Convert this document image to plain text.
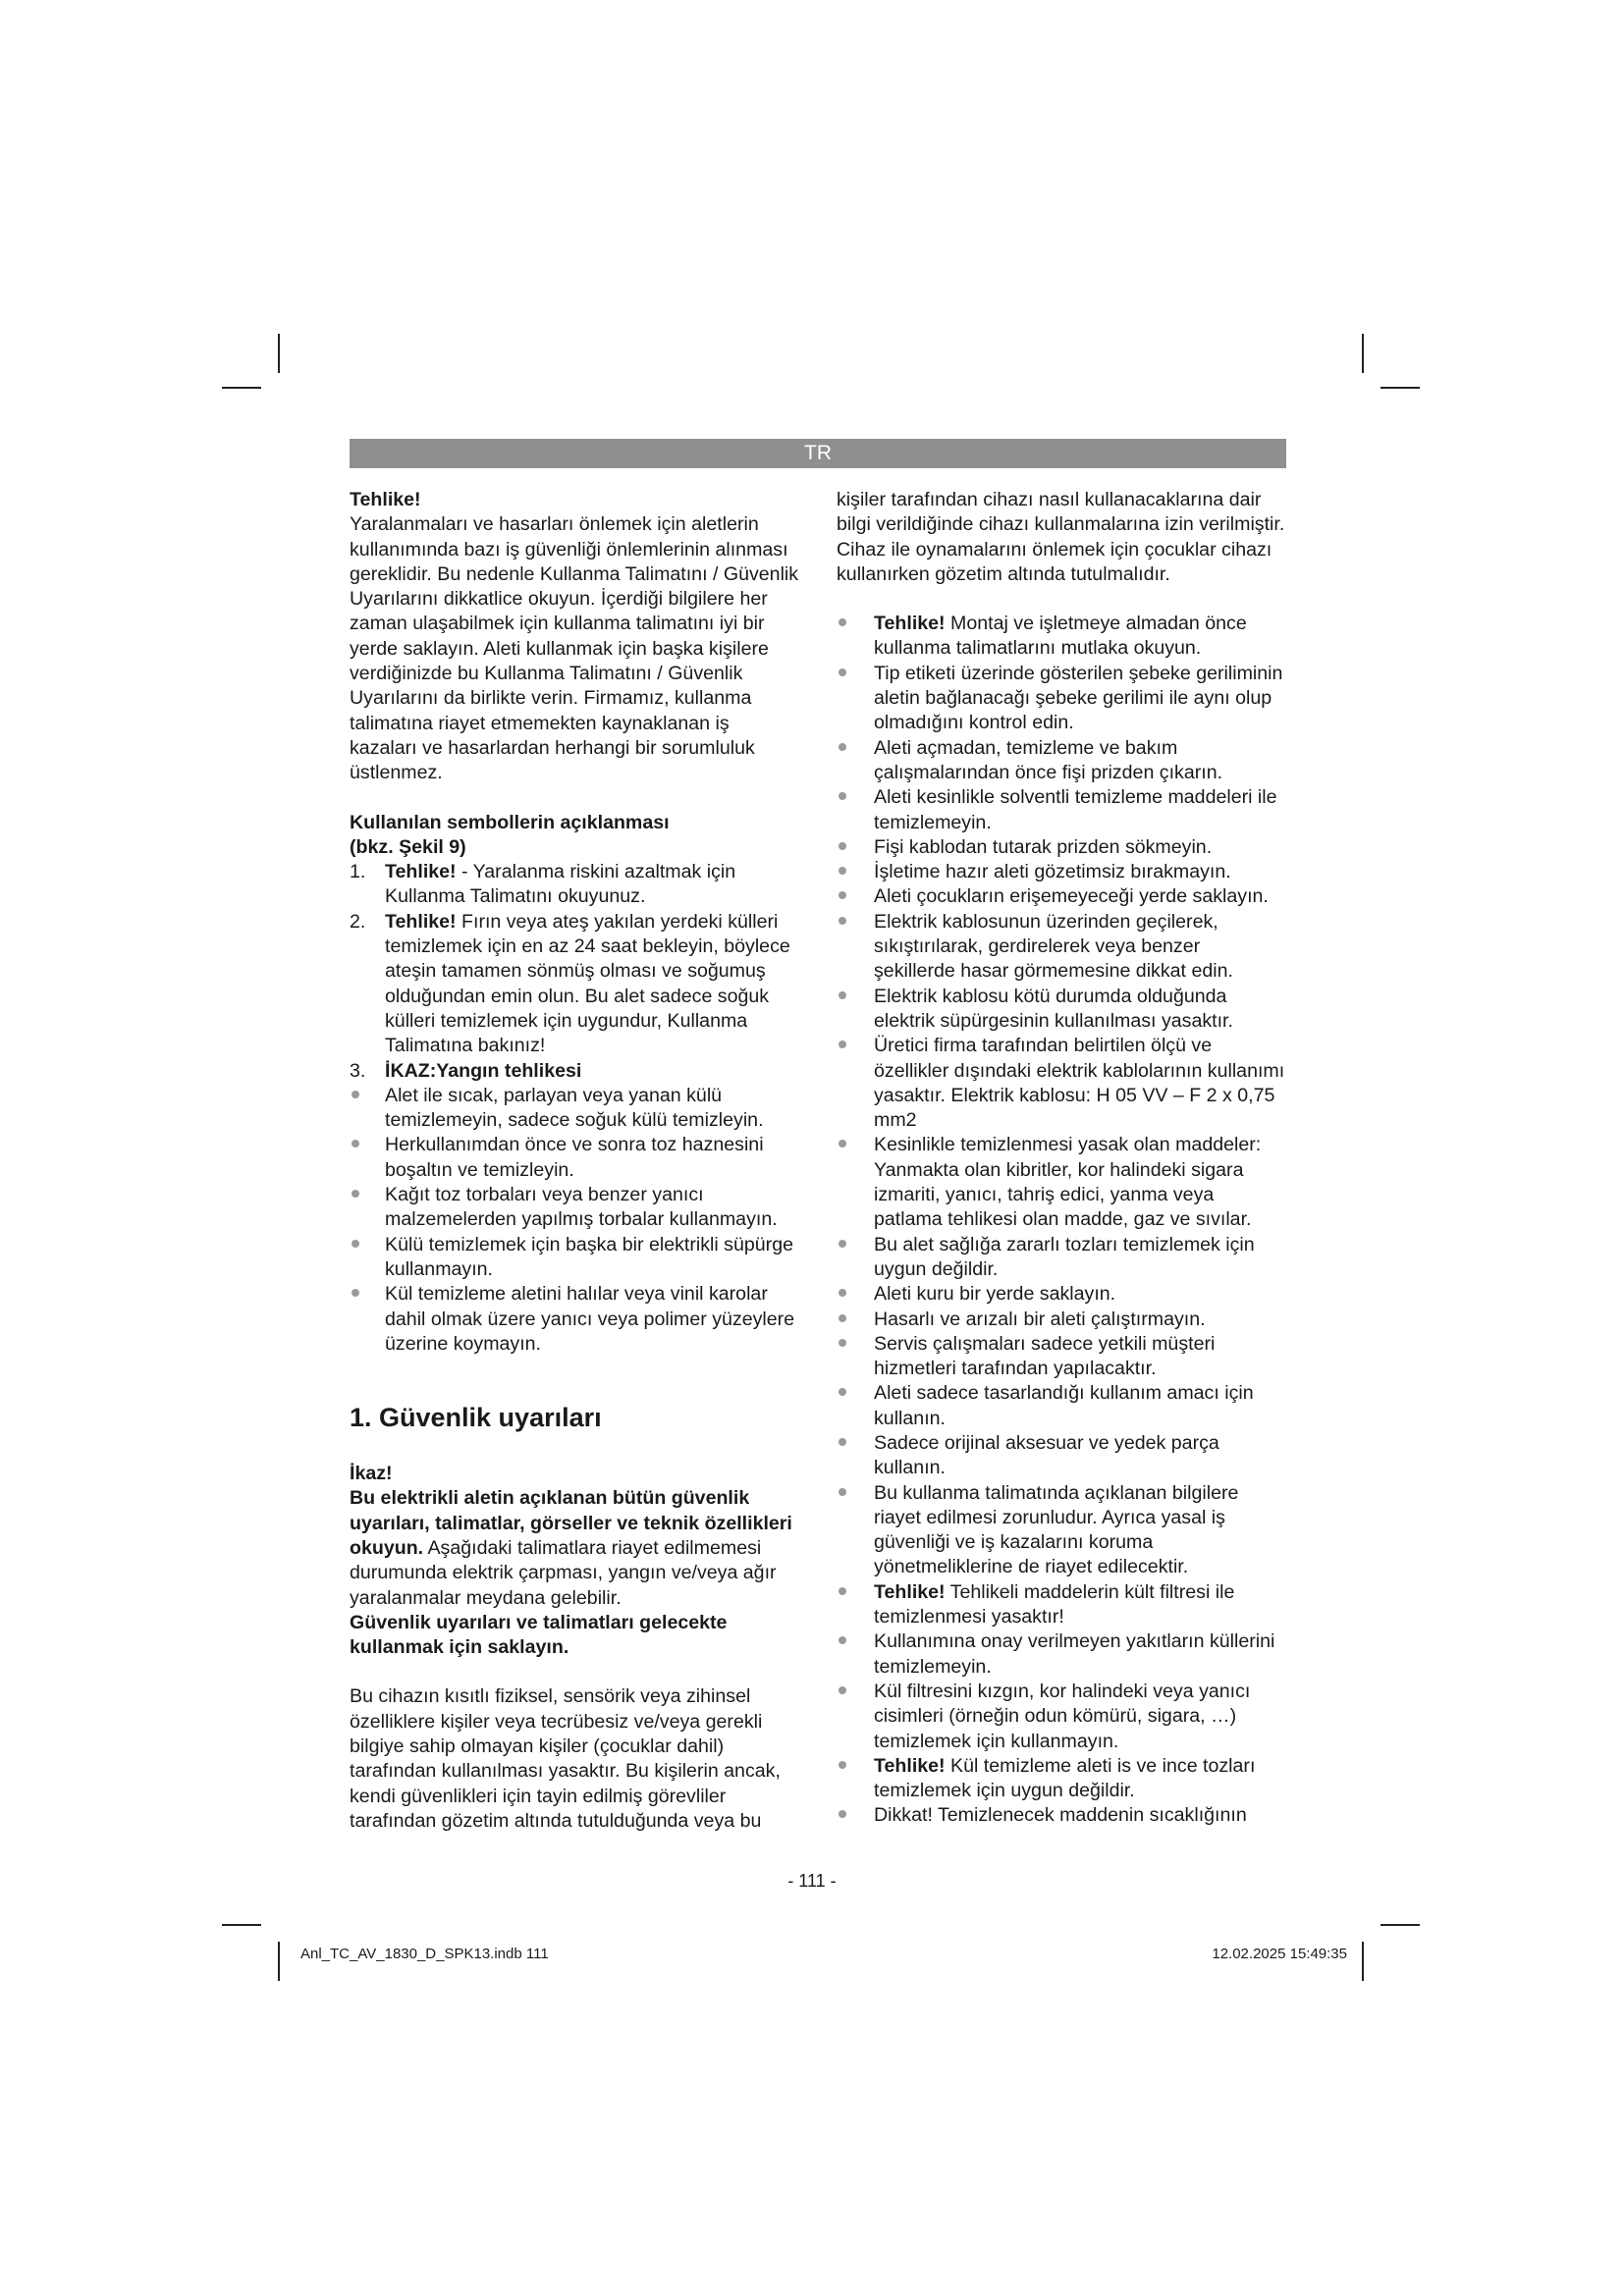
TR

Tehlike!

Yaralanmaları ve hasarları önlemek için aletlerin kullanımında bazı iş güvenliği önlemlerinin alınması gereklidir. Bu nedenle Kullanma Talimatını / Güvenlik Uyarılarını dikkatlice okuyun. İçerdiği bilgilere her zaman ulaşabilmek için kullanma talimatını iyi bir yerde saklayın. Aleti kullanmak için başka kişilere verdiğinizde bu Kullanma Talimatını / Güvenlik Uyarılarını da birlikte verin. Firmamız, kullanma talimatına riayet etmemekten kaynaklanan iş kazaları ve hasarlardan herhangi bir sorumluluk üstlenmez.

Kullanılan sembollerin açıklanması

(bkz. Şekil 9)

1. Tehlike! - Yaralanma riskini azaltmak için Kullanma Talimatını okuyunuz.
2. Tehlike! Fırın veya ateş yakılan yerdeki külleri temizlemek için en az 24 saat bekleyin, böylece ateşin tamamen sönmüş olması ve soğumuş olduğundan emin olun. Bu alet sadece soğuk külleri temizlemek için uygundur, Kullanma Talimatına bakınız!
3. İKAZ:Yangın tehlikesi
Alet ile sıcak, parlayan veya yanan külü temizlemeyin, sadece soğuk külü temizleyin.
Herkullanımdan önce ve sonra toz haznesini boşaltın ve temizleyin.
Kağıt toz torbaları veya benzer yanıcı malzemelerden yapılmış torbalar kullanmayın.
Külü temizlemek için başka bir elektrikli süpürge kullanmayın.
Kül temizleme aletini halılar veya vinil karolar dahil olmak üzere yanıcı veya polimer yüzeylere üzerine koymayın.

1. Güvenlik uyarıları

İkaz!

Bu elektrikli aletin açıklanan bütün güvenlik uyarıları, talimatlar, görseller ve teknik özellikleri okuyun. Aşağıdaki talimatlara riayet edilmemesi durumunda elektrik çarpması, yangın ve/veya ağır yaralanmalar meydana gelebilir.

Güvenlik uyarıları ve talimatları gelecekte kullanmak için saklayın.

Bu cihazın kısıtlı fiziksel, sensörik veya zihinsel özelliklere kişiler veya tecrübesiz ve/veya gerekli bilgiye sahip olmayan kişiler (çocuklar dahil) tarafından kullanılması yasaktır. Bu kişilerin ancak, kendi güvenlikleri için tayin edilmiş görevliler tarafından gözetim altında tutulduğunda veya bu

kişiler tarafından cihazı nasıl kullanacaklarına dair bilgi verildiğinde cihazı kullanmalarına izin verilmiştir. Cihaz ile oynamalarını önlemek için çocuklar cihazı kullanırken gözetim altında tutulmalıdır.

Tehlike! Montaj ve işletmeye almadan önce kullanma talimatlarını mutlaka okuyun.
Tip etiketi üzerinde gösterilen şebeke geriliminin aletin bağlanacağı şebeke gerilimi ile aynı olup olmadığını kontrol edin.
Aleti açmadan, temizleme ve bakım çalışmalarından önce fişi prizden çıkarın.
Aleti kesinlikle solventli temizleme maddeleri ile temizlemeyin.
Fişi kablodan tutarak prizden sökmeyin.
İşletime hazır aleti gözetimsiz bırakmayın.
Aleti çocukların erişemeyeceği yerde saklayın.
Elektrik kablosunun üzerinden geçilerek, sıkıştırılarak, gerdirelerek veya benzer şekillerde hasar görmemesine dikkat edin.
Elektrik kablosu kötü durumda olduğunda elektrik süpürgesinin kullanılması yasaktır.
Üretici firma tarafından belirtilen ölçü ve özellikler dışındaki elektrik kablolarının kullanımı yasaktır. Elektrik kablosu: H 05 VV – F 2 x 0,75 mm2
Kesinlikle temizlenmesi yasak olan maddeler: Yanmakta olan kibritler, kor halindeki sigara izmariti, yanıcı, tahriş edici, yanma veya patlama tehlikesi olan madde, gaz ve sıvılar.
Bu alet sağlığa zararlı tozları temizlemek için uygun değildir.
Aleti kuru bir yerde saklayın.
Hasarlı ve arızalı bir aleti çalıştırmayın.
Servis çalışmaları sadece yetkili müşteri hizmetleri tarafından yapılacaktır.
Aleti sadece tasarlandığı kullanım amacı için kullanın.
Sadece orijinal aksesuar ve yedek parça kullanın.
Bu kullanma talimatında açıklanan bilgilere riayet edilmesi zorunludur. Ayrıca yasal iş güvenliği ve iş kazalarını koruma yönetmeliklerine de riayet edilecektir.
Tehlike! Tehlikeli maddelerin kült filtresi ile temizlenmesi yasaktır!
Kullanımına onay verilmeyen yakıtların küllerini temizlemeyin.
Kül filtresini kızgın, kor halindeki veya yanıcı cisimleri (örneğin odun kömürü, sigara, …) temizlemek için kullanmayın.
Tehlike! Kül temizleme aleti is ve ince tozları temizlemek için uygun değildir.
Dikkat! Temizlenecek maddenin sıcaklığının
- 111 -
Anl_TC_AV_1830_D_SPK13.indb 111	12.02.2025 15:49:35
